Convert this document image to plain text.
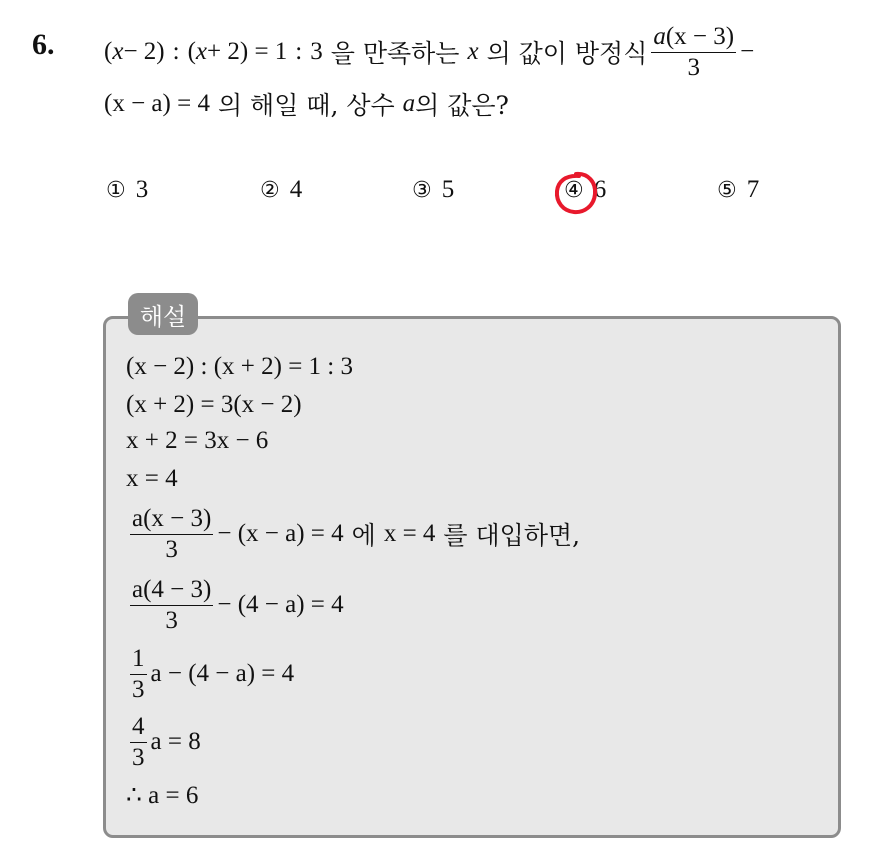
6. ( x − 2) : ( x + 2) = 1 : 3 을 만족하는 x 의 값이 방정식 $\frac{a(x - 3)}{3}$ −
(x − a) = 4 의 해일 때, 상수 a 의 값은?
① 3	② 4	③ 5	④ 6	⑤ 7
해설
(x − 2) : (x + 2) = 1 : 3
(x + 2) = 3(x − 2)
x + 2 = 3x − 6
x = 4
$\frac{a(x - 3)}{3} - (x - a) = 4$ 에 x = 4 를 대입하면,
$\frac{a(4 - 3)}{3} - (4 - a) = 4$
$\frac{1}{3}$ a − (4 − a) = 4
$\frac{4}{3}$ a = 8
∴ a = 6
